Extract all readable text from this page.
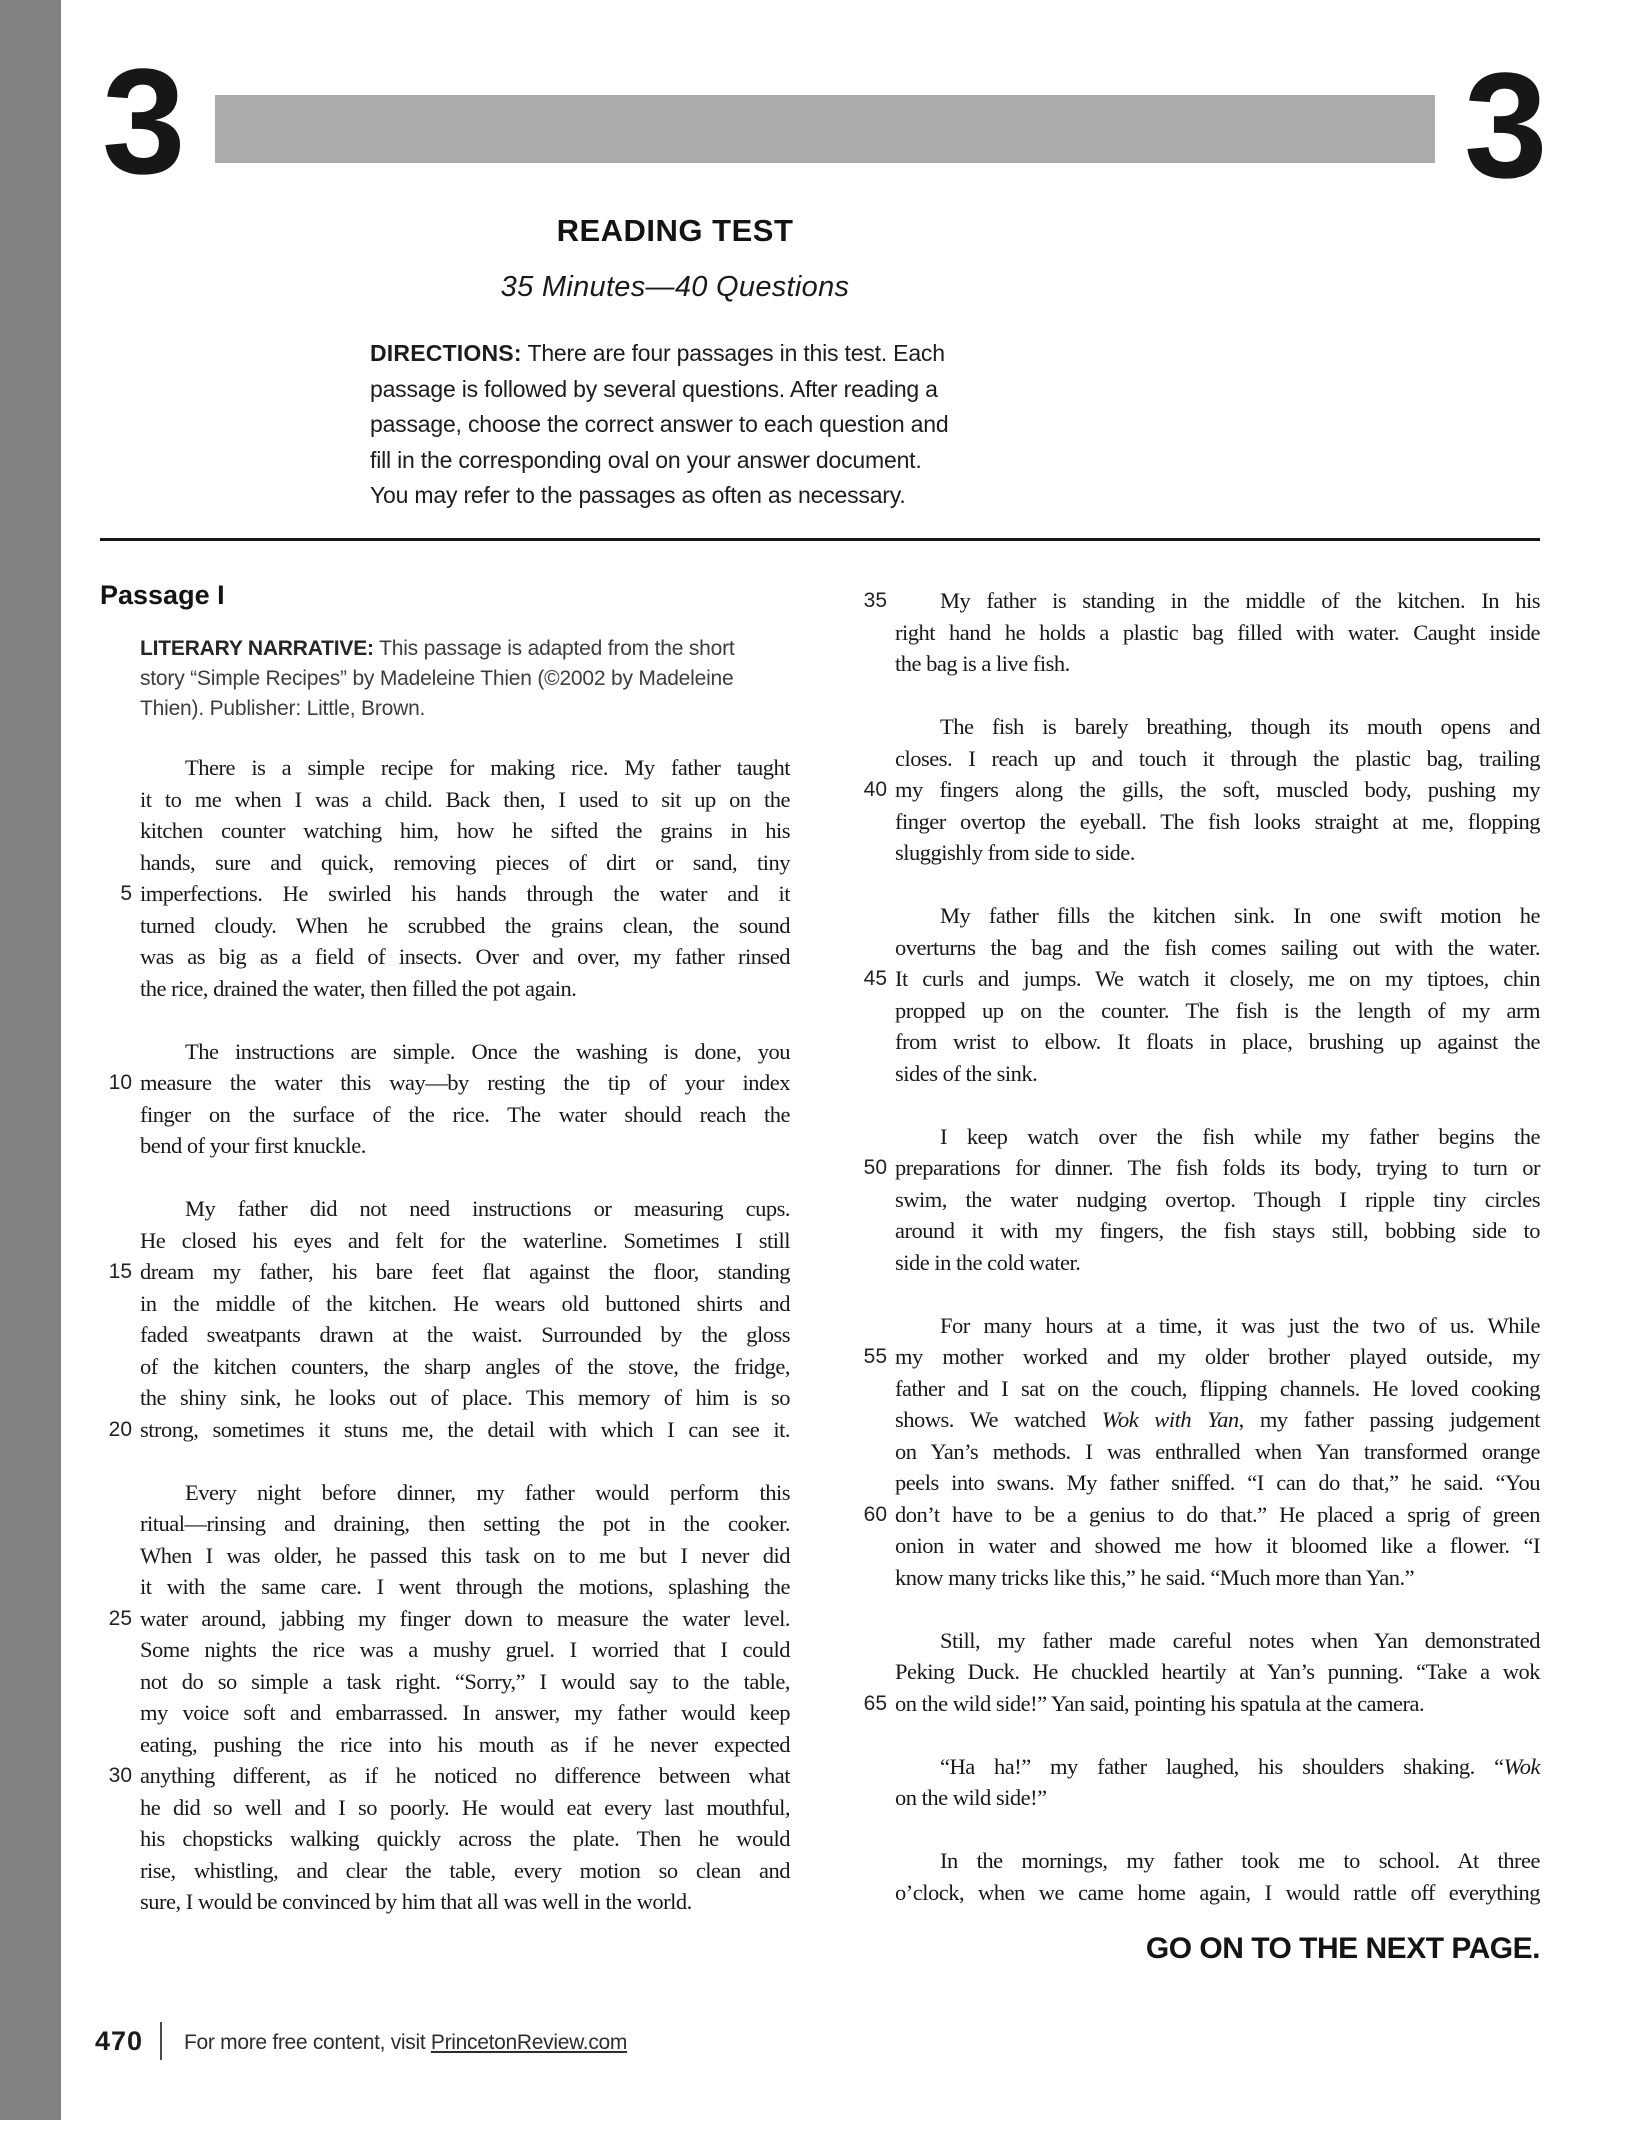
3	3
READING TEST
35 Minutes—40 Questions
DIRECTIONS: There are four passages in this test. Each
passage is followed by several questions. After reading a
passage, choose the correct answer to each question and
fill in the corresponding oval on your answer document.
You may refer to the passages as often as necessary.
Passage I
LITERARY NARRATIVE: This passage is adapted from the short
story “Simple Recipes” by Madeleine Thien (©2002 by Madeleine
Thien). Publisher: Little, Brown.
There is a simple recipe for making rice. My father taught
it to me when I was a child. Back then, I used to sit up on the
kitchen counter watching him, how he sifted the grains in his
hands, sure and quick, removing pieces of dirt or sand, tiny
5 imperfections. He swirled his hands through the water and it
turned cloudy. When he scrubbed the grains clean, the sound
was as big as a field of insects. Over and over, my father rinsed
the rice, drained the water, then filled the pot again.
The instructions are simple. Once the washing is done, you
10 measure the water this way—by resting the tip of your index
finger on the surface of the rice. The water should reach the
bend of your first knuckle.
My father did not need instructions or measuring cups.
He closed his eyes and felt for the waterline. Sometimes I still
15 dream my father, his bare feet flat against the floor, standing
in the middle of the kitchen. He wears old buttoned shirts and
faded sweatpants drawn at the waist. Surrounded by the gloss
of the kitchen counters, the sharp angles of the stove, the fridge,
the shiny sink, he looks out of place. This memory of him is so
20 strong, sometimes it stuns me, the detail with which I can see it.
Every night before dinner, my father would perform this
ritual—rinsing and draining, then setting the pot in the cooker.
When I was older, he passed this task on to me but I never did
it with the same care. I went through the motions, splashing the
25 water around, jabbing my finger down to measure the water level.
Some nights the rice was a mushy gruel. I worried that I could
not do so simple a task right. “Sorry,” I would say to the table,
my voice soft and embarrassed. In answer, my father would keep
eating, pushing the rice into his mouth as if he never expected
30 anything different, as if he noticed no difference between what
he did so well and I so poorly. He would eat every last mouthful,
his chopsticks walking quickly across the plate. Then he would
rise, whistling, and clear the table, every motion so clean and
sure, I would be convinced by him that all was well in the world.
35 My father is standing in the middle of the kitchen. In his
right hand he holds a plastic bag filled with water. Caught inside
the bag is a live fish.
The fish is barely breathing, though its mouth opens and
closes. I reach up and touch it through the plastic bag, trailing
40 my fingers along the gills, the soft, muscled body, pushing my
finger overtop the eyeball. The fish looks straight at me, flopping
sluggishly from side to side.
My father fills the kitchen sink. In one swift motion he
overturns the bag and the fish comes sailing out with the water.
45 It curls and jumps. We watch it closely, me on my tiptoes, chin
propped up on the counter. The fish is the length of my arm
from wrist to elbow. It floats in place, brushing up against the
sides of the sink.
I keep watch over the fish while my father begins the
50 preparations for dinner. The fish folds its body, trying to turn or
swim, the water nudging overtop. Though I ripple tiny circles
around it with my fingers, the fish stays still, bobbing side to
side in the cold water.
For many hours at a time, it was just the two of us. While
55 my mother worked and my older brother played outside, my
father and I sat on the couch, flipping channels. He loved cooking
shows. We watched Wok with Yan, my father passing judgement
on Yan’s methods. I was enthralled when Yan transformed orange
peels into swans. My father sniffed. “I can do that,” he said. “You
60 don’t have to be a genius to do that.” He placed a sprig of green
onion in water and showed me how it bloomed like a flower. “I
know many tricks like this,” he said. “Much more than Yan.”
Still, my father made careful notes when Yan demonstrated
Peking Duck. He chuckled heartily at Yan’s punning. “Take a wok
65 on the wild side!” Yan said, pointing his spatula at the camera.
“Ha ha!” my father laughed, his shoulders shaking. “Wok
on the wild side!”
In the mornings, my father took me to school. At three
o’clock, when we came home again, I would rattle off everything
GO ON TO THE NEXT PAGE.
470 For more free content, visit PrincetonReview.com
